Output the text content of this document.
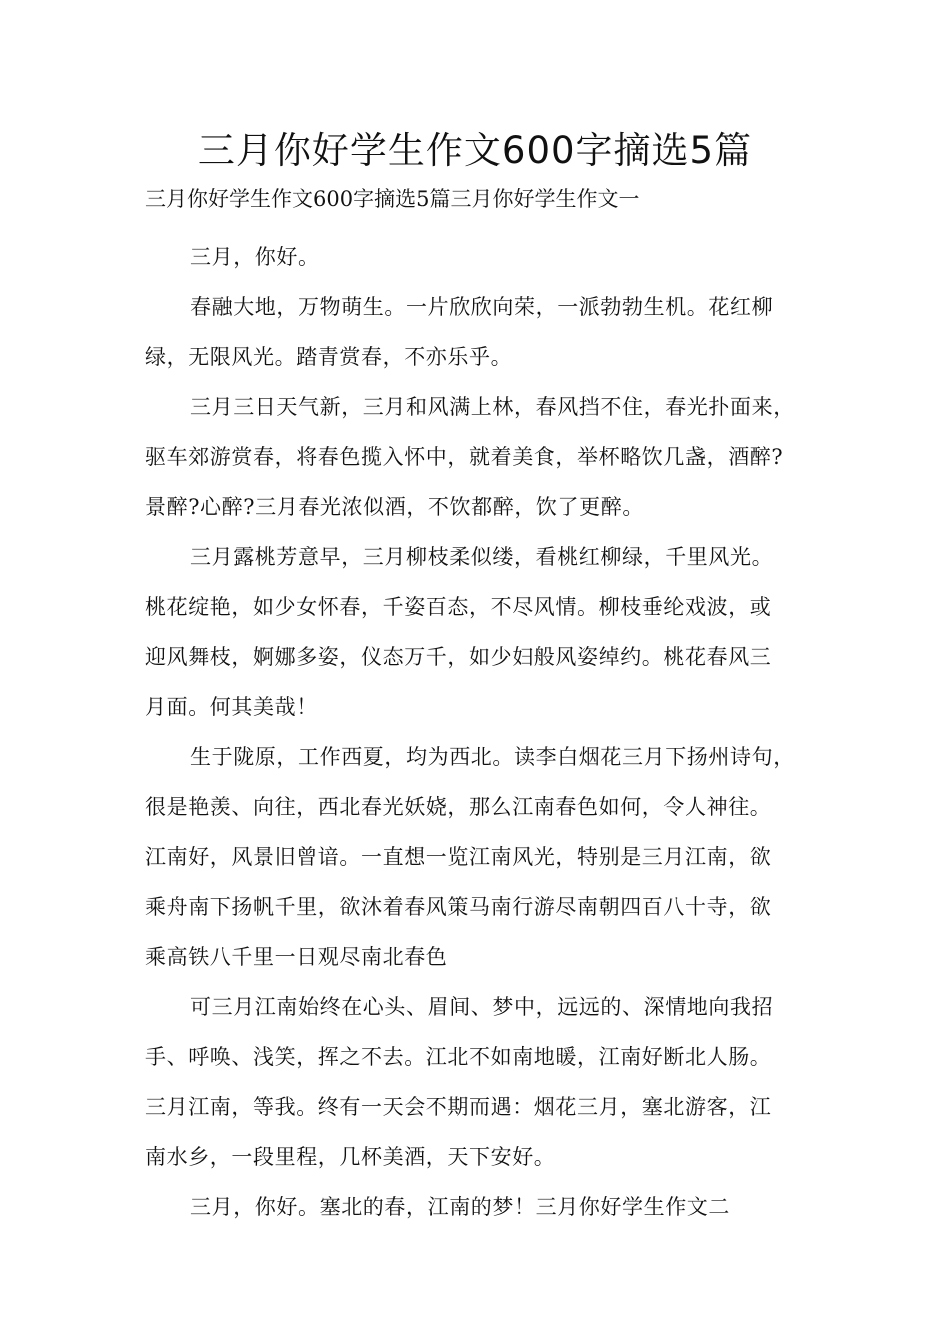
三月你好学生作文600字摘选5篇

三月你好学生作文600字摘选5篇三月你好学生作文一

三月，你好。
春融大地，万物萌生。一片欣欣向荣，一派勃勃生机。花红柳
绿，无限风光。踏青赏春，不亦乐乎。
三月三日天气新，三月和风满上林，春风挡不住，春光扑面来，
驱车郊游赏春，将春色揽入怀中，就着美食，举杯略饮几盏，酒醉?
景醉?心醉?三月春光浓似酒，不饮都醉，饮了更醉。
三月露桃芳意早，三月柳枝柔似缕，看桃红柳绿，千里风光。
桃花绽艳，如少女怀春，千姿百态，不尽风情。柳枝垂纶戏波，或
迎风舞枝，婀娜多姿，仪态万千，如少妇般风姿绰约。桃花春风三
月面。何其美哉！
生于陇原，工作西夏，均为西北。读李白烟花三月下扬州诗句，
很是艳羡、向往，西北春光妖娆，那么江南春色如何，令人神往。
江南好，风景旧曾谙。一直想一览江南风光，特别是三月江南，欲
乘舟南下扬帆千里，欲沐着春风策马南行游尽南朝四百八十寺，欲
乘高铁八千里一日观尽南北春色
可三月江南始终在心头、眉间、梦中，远远的、深情地向我招
手、呼唤、浅笑，挥之不去。江北不如南地暖，江南好断北人肠。
三月江南，等我。终有一天会不期而遇：烟花三月，塞北游客，江
南水乡，一段里程，几杯美酒，天下安好。
三月，你好。塞北的春，江南的梦！三月你好学生作文二
